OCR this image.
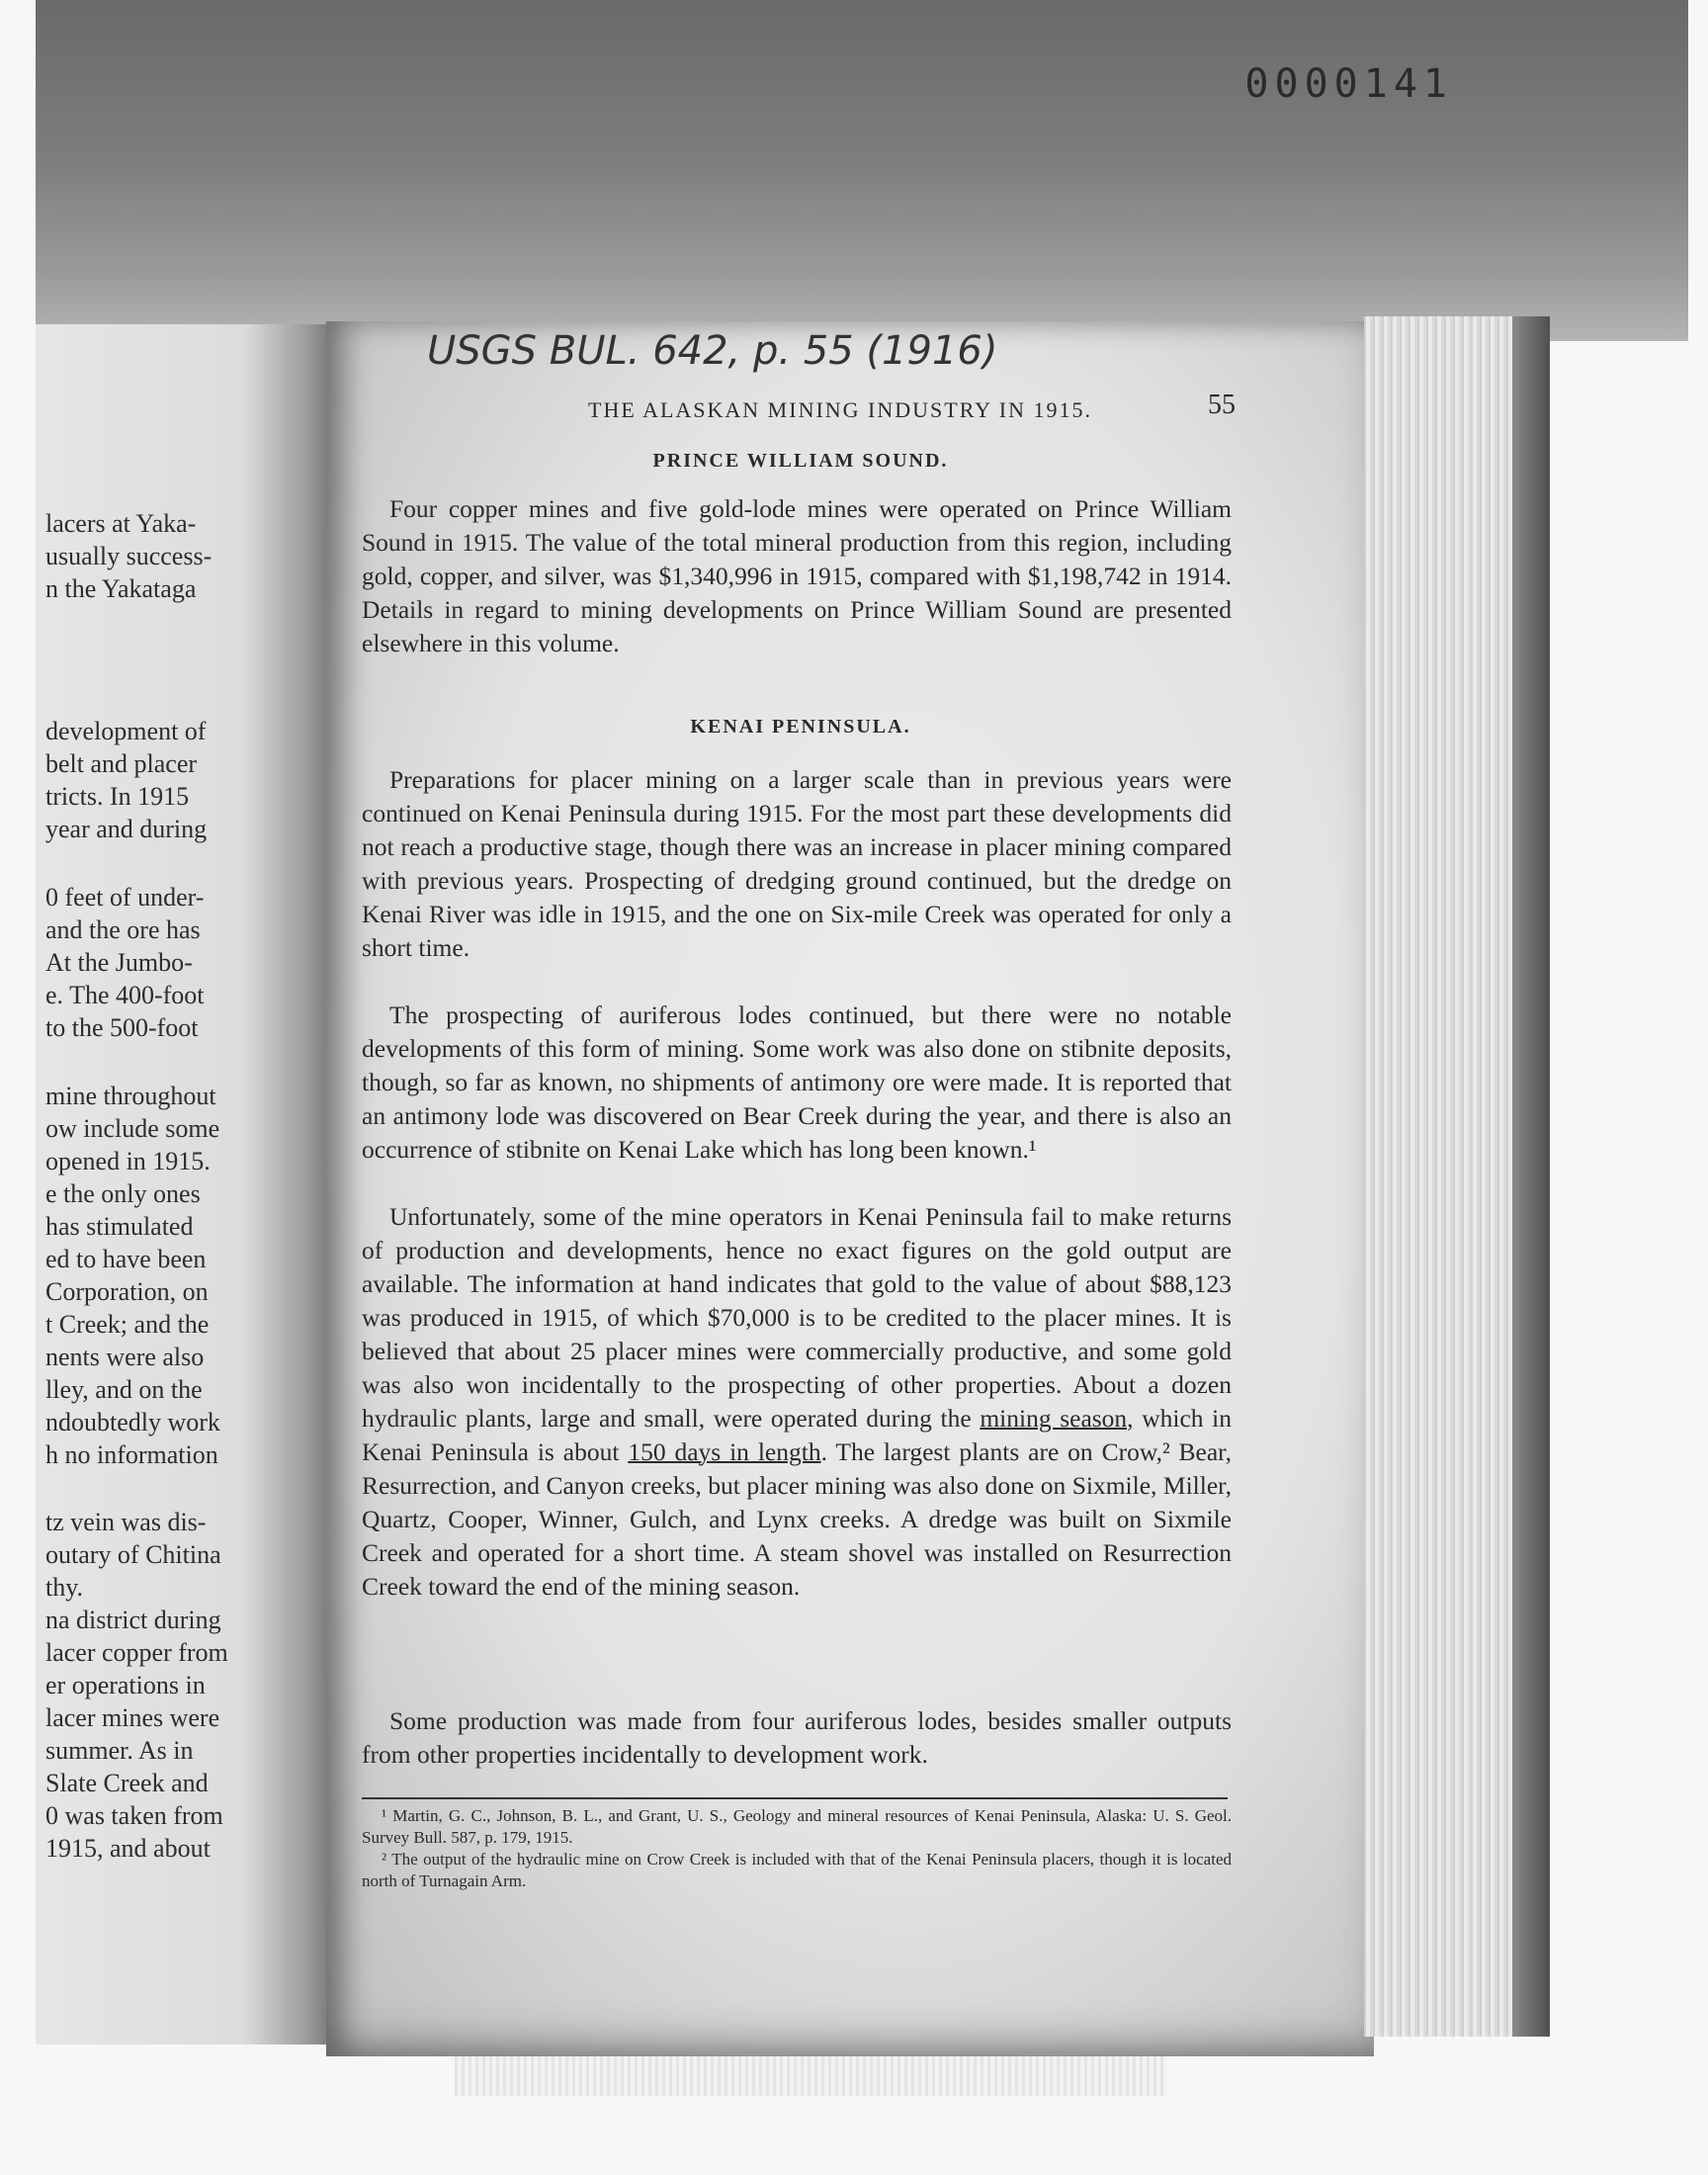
0000141
lacers at Yaka-
usually success-
n the Yakataga
development of
belt and placer
tricts. In 1915
year and during
0 feet of under-
and the ore has
At the Jumbo-
e. The 400-foot
to the 500-foot
mine throughout
ow include some
opened in 1915.
e the only ones
has stimulated
ed to have been
Corporation, on
t Creek; and the
nents were also
lley, and on the
ndoubtedly work
h no information
tz vein was dis-
outary of Chitina
thy.
na district during
lacer copper from
er operations in
lacer mines were
summer. As in
Slate Creek and
0 was taken from
1915, and about
USGS BUL. 642, p. 55 (1916)
THE ALASKAN MINING INDUSTRY IN 1915.	55
PRINCE WILLIAM SOUND.

Four copper mines and five gold-lode mines were operated on Prince William Sound in 1915. The value of the total mineral production from this region, including gold, copper, and silver, was $1,340,996 in 1915, compared with $1,198,742 in 1914. Details in regard to mining developments on Prince William Sound are presented elsewhere in this volume.

KENAI PENINSULA.

Preparations for placer mining on a larger scale than in previous years were continued on Kenai Peninsula during 1915. For the most part these developments did not reach a productive stage, though there was an increase in placer mining compared with previous years. Prospecting of dredging ground continued, but the dredge on Kenai River was idle in 1915, and the one on Six-mile Creek was operated for only a short time.

The prospecting of auriferous lodes continued, but there were no notable developments of this form of mining. Some work was also done on stibnite deposits, though, so far as known, no shipments of antimony ore were made. It is reported that an antimony lode was discovered on Bear Creek during the year, and there is also an occurrence of stibnite on Kenai Lake which has long been known.¹

Unfortunately, some of the mine operators in Kenai Peninsula fail to make returns of production and developments, hence no exact figures on the gold output are available. The information at hand indicates that gold to the value of about $88,123 was produced in 1915, of which $70,000 is to be credited to the placer mines. It is believed that about 25 placer mines were commercially productive, and some gold was also won incidentally to the prospecting of other properties. About a dozen hydraulic plants, large and small, were operated during the mining season, which in Kenai Peninsula is about 150 days in length. The largest plants are on Crow,² Bear, Resurrection, and Canyon creeks, but placer mining was also done on Sixmile, Miller, Quartz, Cooper, Winner, Gulch, and Lynx creeks. A dredge was built on Sixmile Creek and operated for a short time. A steam shovel was installed on Resurrection Creek toward the end of the mining season.

Some production was made from four auriferous lodes, besides smaller outputs from other properties incidentally to development work.

¹ Martin, G. C., Johnson, B. L., and Grant, U. S., Geology and mineral resources of Kenai Peninsula, Alaska: U. S. Geol. Survey Bull. 587, p. 179, 1915.

² The output of the hydraulic mine on Crow Creek is included with that of the Kenai Peninsula placers, though it is located north of Turnagain Arm.
